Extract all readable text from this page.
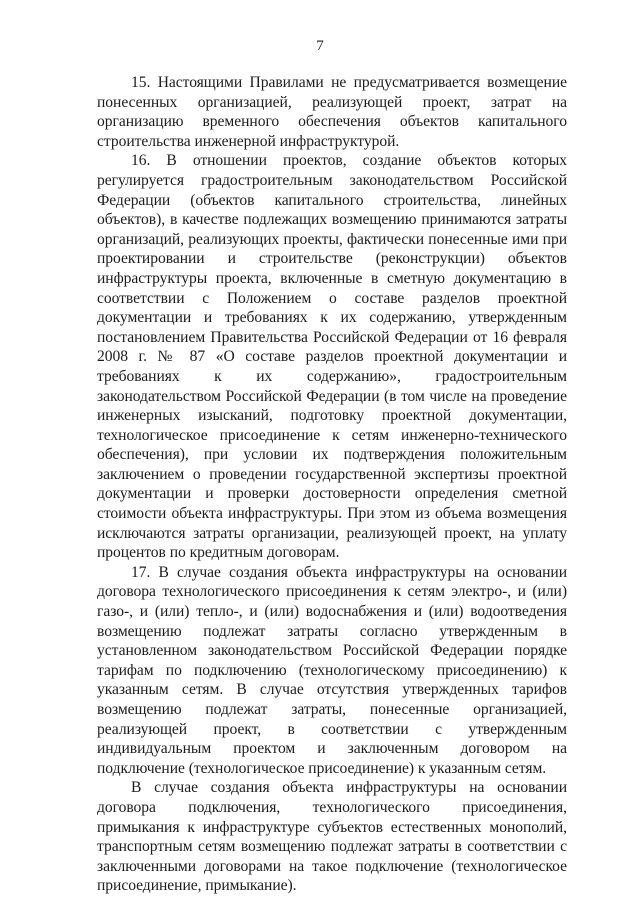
7

15. Настоящими Правилами не предусматривается возмещение понесенных организацией, реализующей проект, затрат на организацию временного обеспечения объектов капитального строительства инженерной инфраструктурой.

16. В отношении проектов, создание объектов которых регулируется градостроительным законодательством Российской Федерации (объектов капитального строительства, линейных объектов), в качестве подлежащих возмещению принимаются затраты организаций, реализующих проекты, фактически понесенные ими при проектировании и строительстве (реконструкции) объектов инфраструктуры проекта, включенные в сметную документацию в соответствии с Положением о составе разделов проектной документации и требованиях к их содержанию, утвержденным постановлением Правительства Российской Федерации от 16 февраля 2008 г. № 87 «О составе разделов проектной документации и требованиях к их содержанию», градостроительным законодательством Российской Федерации (в том числе на проведение инженерных изысканий, подготовку проектной документации, технологическое присоединение к сетям инженерно-технического обеспечения), при условии их подтверждения положительным заключением о проведении государственной экспертизы проектной документации и проверки достоверности определения сметной стоимости объекта инфраструктуры. При этом из объема возмещения исключаются затраты организации, реализующей проект, на уплату процентов по кредитным договорам.

17. В случае создания объекта инфраструктуры на основании договора технологического присоединения к сетям электро-, и (или) газо-, и (или) тепло-, и (или) водоснабжения и (или) водоотведения возмещению подлежат затраты согласно утвержденным в установленном законодательством Российской Федерации порядке тарифам по подключению (технологическому присоединению) к указанным сетям. В случае отсутствия утвержденных тарифов возмещению подлежат затраты, понесенные организацией, реализующей проект, в соответствии с утвержденным индивидуальным проектом и заключенным договором на подключение (технологическое присоединение) к указанным сетям.

В случае создания объекта инфраструктуры на основании договора подключения, технологического присоединения, примыкания к инфраструктуре субъектов естественных монополий, транспортным сетям возмещению подлежат затраты в соответствии с заключенными договорами на такое подключение (технологическое присоединение, примыкание).
